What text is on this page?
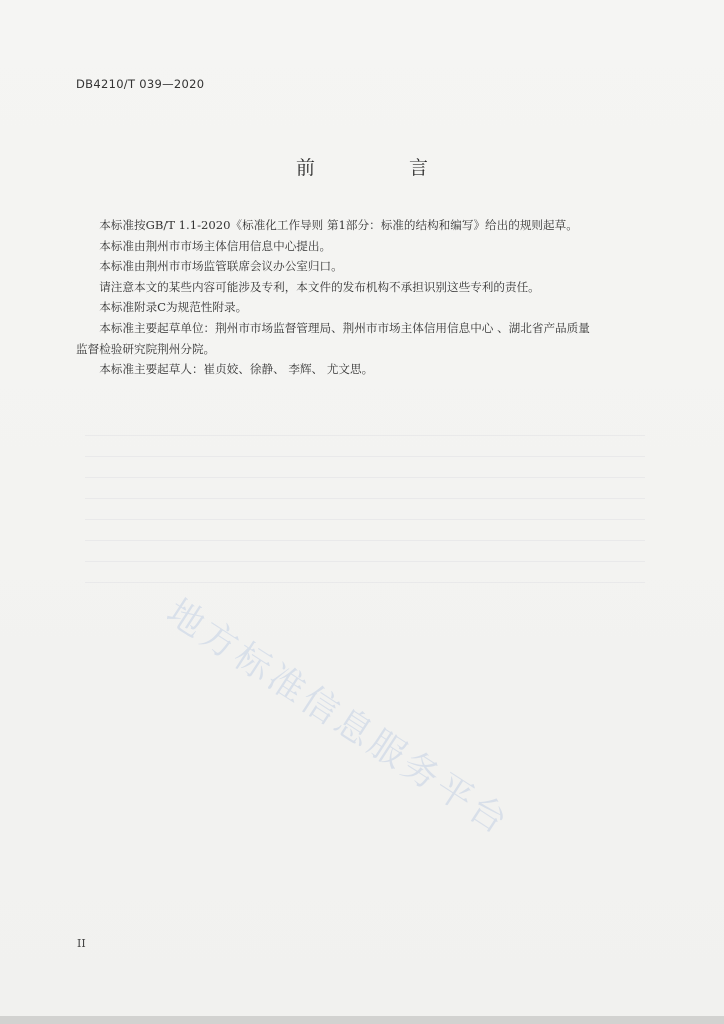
DB4210/T 039—2020
前 言

本标准按GB/T 1.1-2020《标准化工作导则 第1部分：标准的结构和编写》给出的规则起草。

本标准由荆州市市场主体信用信息中心提出。

本标准由荆州市市场监管联席会议办公室归口。

请注意本文的某些内容可能涉及专利，本文件的发布机构不承担识别这些专利的责任。

本标准附录C为规范性附录。

本标准主要起草单位：荆州市市场监督管理局、荆州市市场主体信用信息中心 、湖北省产品质量

监督检验研究院荆州分院。

本标准主要起草人：崔贞姣、徐静、 李辉、 尤文思。

地方标准信息服务平台
II
